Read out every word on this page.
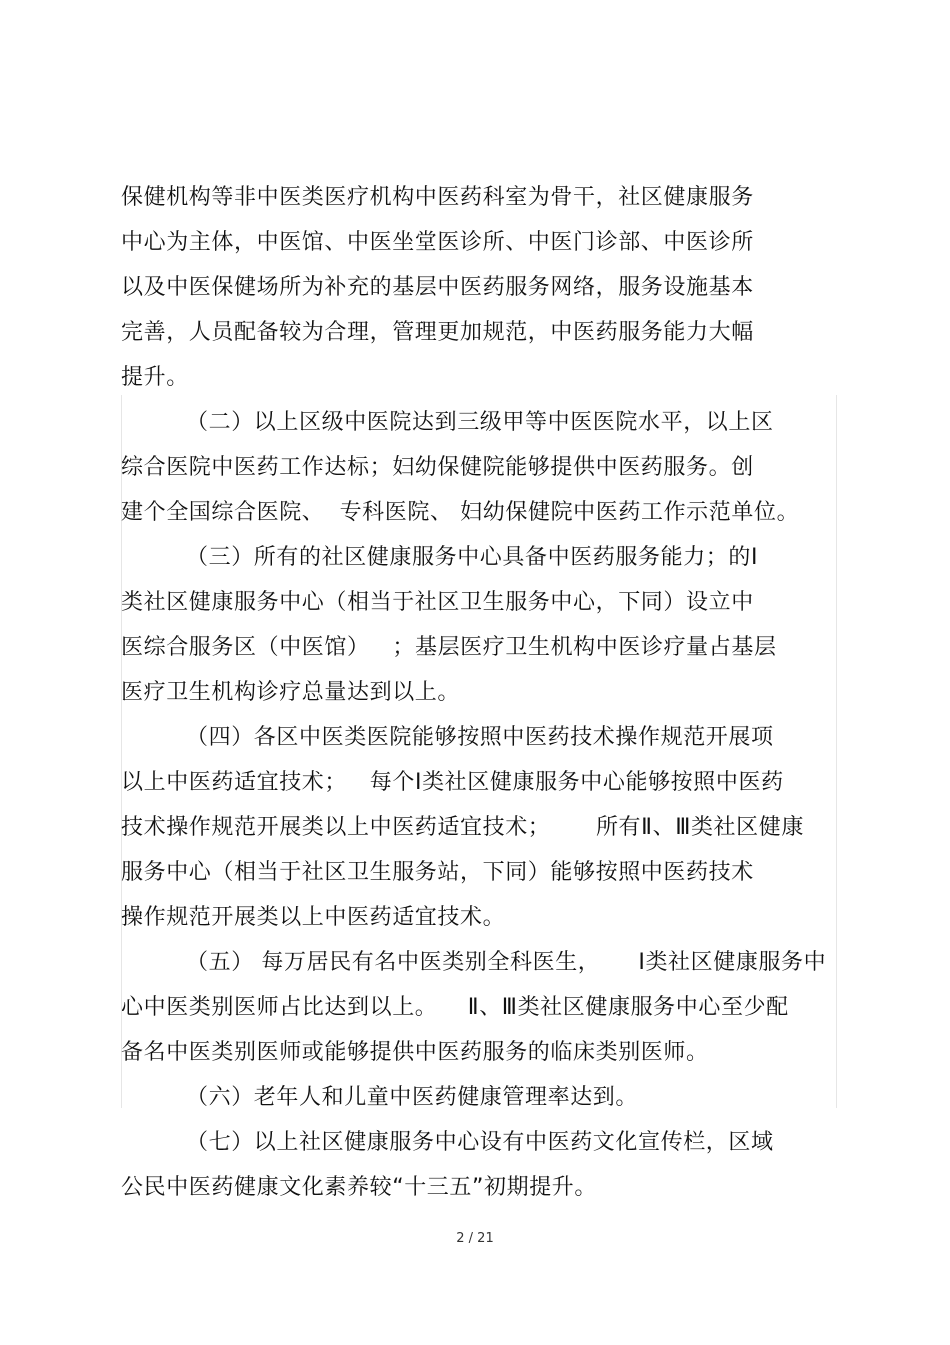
保健机构等非中医类医疗机构中医药科室为骨干，社区健康服务
中心为主体，中医馆、中医坐堂医诊所、中医门诊部、中医诊所
以及中医保健场所为补充的基层中医药服务网络，服务设施基本
完善，人员配备较为合理，管理更加规范，中医药服务能力大幅
提升。
（二）以上区级中医院达到三级甲等中医医院水平，以上区
综合医院中医药工作达标；妇幼保健院能够提供中医药服务。创
建个全国综合医院、  专科医院、 妇幼保健院中医药工作示范单位。
（三）所有的社区健康服务中心具备中医药服务能力；的Ⅰ
类社区健康服务中心（相当于社区卫生服务中心，下同）设立中
医综合服务区（中医馆）   ；基层医疗卫生机构中医诊疗量占基层
医疗卫生机构诊疗总量达到以上。
（四）各区中医类医院能够按照中医药技术操作规范开展项
以上中医药适宜技术；   每个Ⅰ类社区健康服务中心能够按照中医药
技术操作规范开展类以上中医药适宜技术；      所有Ⅱ、Ⅲ类社区健康
服务中心（相当于社区卫生服务站，下同）能够按照中医药技术
操作规范开展类以上中医药适宜技术。
（五） 每万居民有名中医类别全科医生，     Ⅰ类社区健康服务中
心中医类别医师占比达到以上。    Ⅱ、Ⅲ类社区健康服务中心至少配
备名中医类别医师或能够提供中医药服务的临床类别医师。
（六）老年人和儿童中医药健康管理率达到。
（七）以上社区健康服务中心设有中医药文化宣传栏，区域
公民中医药健康文化素养较“十三五”初期提升。
2 / 21
